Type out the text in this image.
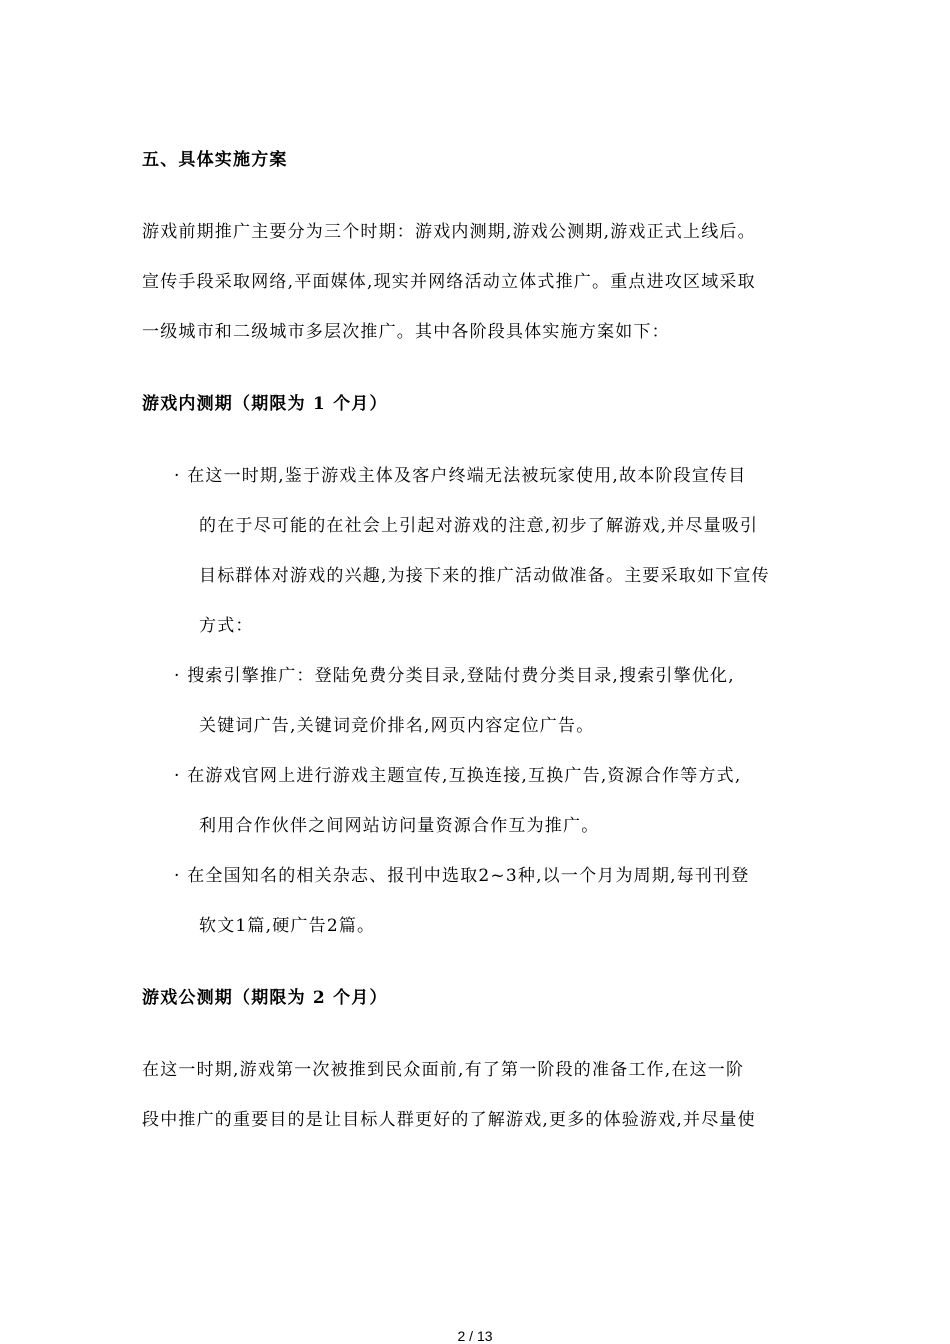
五、具体实施方案
游戏前期推广主要分为三个时期：游戏内测期,游戏公测期,游戏正式上线后。
宣传手段采取网络,平面媒体,现实并网络活动立体式推广。重点进攻区域采取
一级城市和二级城市多层次推广。其中各阶段具体实施方案如下：
游戏内测期（期限为 1 个月）
· 在这一时期,鉴于游戏主体及客户终端无法被玩家使用,故本阶段宣传目
的在于尽可能的在社会上引起对游戏的注意,初步了解游戏,并尽量吸引
目标群体对游戏的兴趣,为接下来的推广活动做准备。主要采取如下宣传
方式：
· 搜索引擎推广：登陆免费分类目录,登陆付费分类目录,搜索引擎优化,
关键词广告,关键词竞价排名,网页内容定位广告。
· 在游戏官网上进行游戏主题宣传,互换连接,互换广告,资源合作等方式,
利用合作伙伴之间网站访问量资源合作互为推广。
· 在全国知名的相关杂志、报刊中选取2~3种,以一个月为周期,每刊刊登
软文1篇,硬广告2篇。
游戏公测期（期限为 2 个月）
在这一时期,游戏第一次被推到民众面前,有了第一阶段的准备工作,在这一阶
段中推广的重要目的是让目标人群更好的了解游戏,更多的体验游戏,并尽量使
2 / 13
